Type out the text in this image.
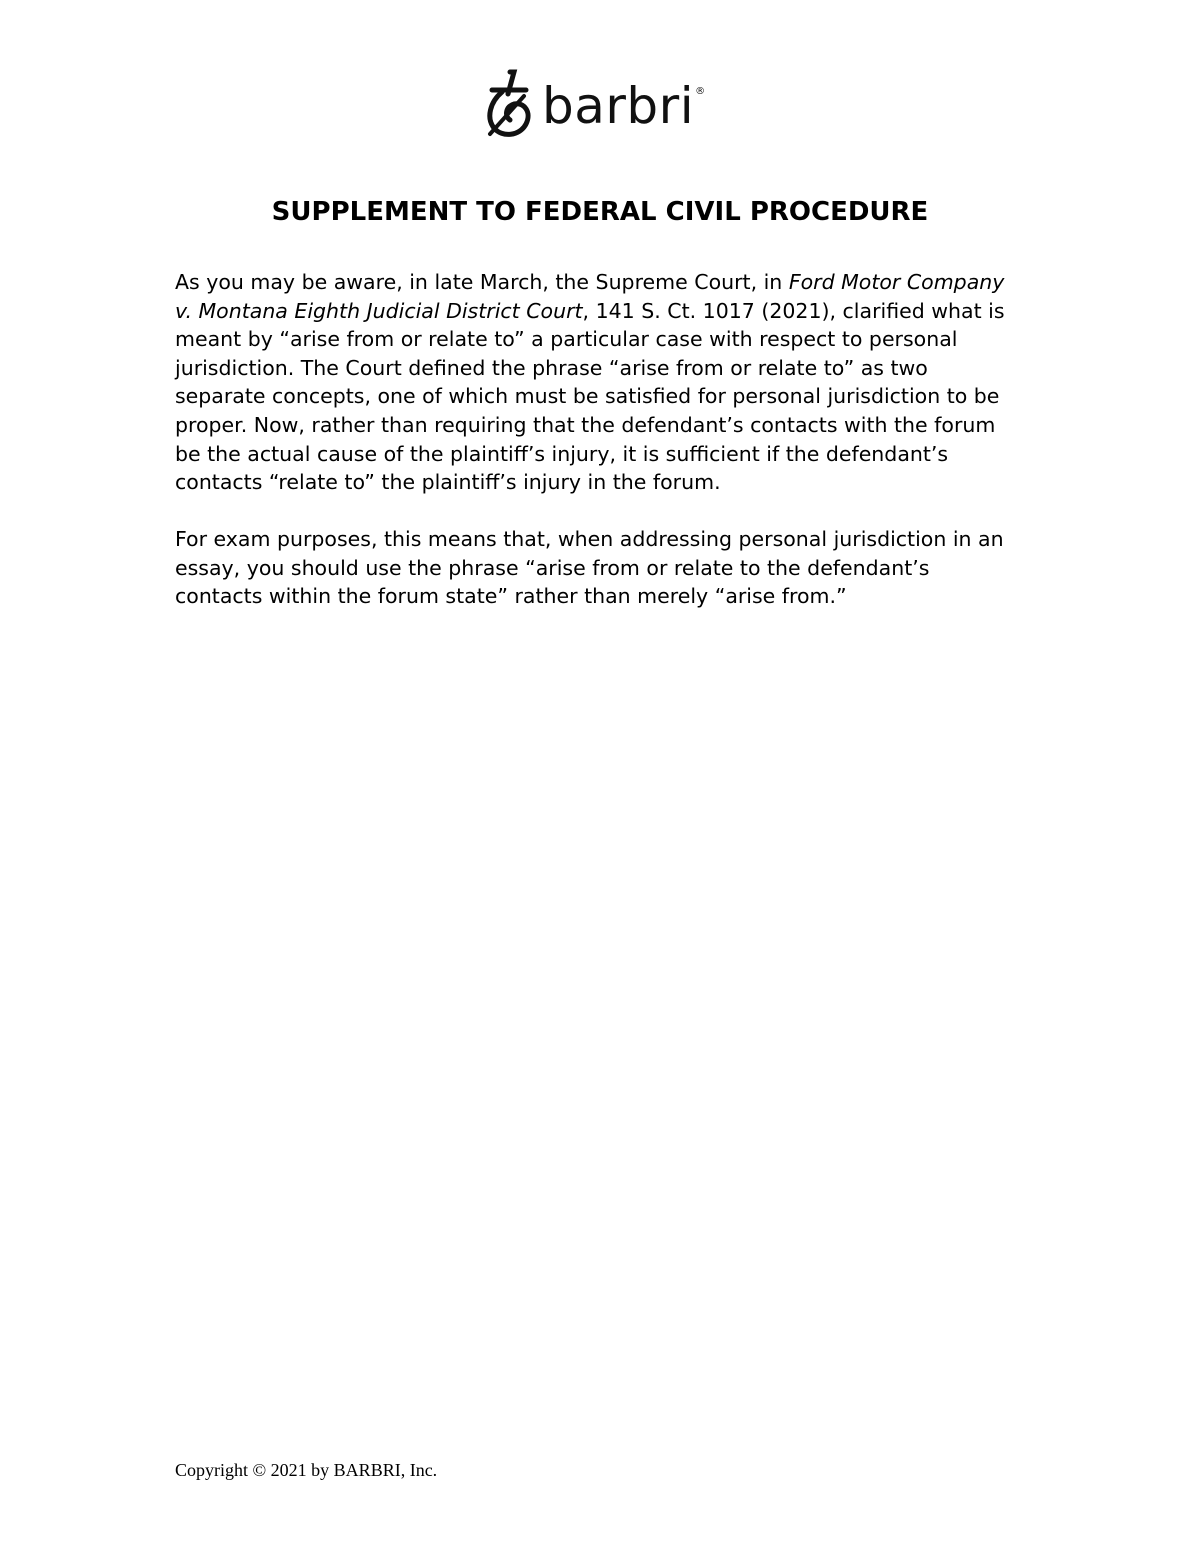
barbri®
SUPPLEMENT TO FEDERAL CIVIL PROCEDURE

As you may be aware, in late March, the Supreme Court, in Ford Motor Company
v. Montana Eighth Judicial District Court, 141 S. Ct. 1017 (2021), clarified what is
meant by “arise from or relate to” a particular case with respect to personal
jurisdiction. The Court defined the phrase “arise from or relate to” as two
separate concepts, one of which must be satisfied for personal jurisdiction to be
proper. Now, rather than requiring that the defendant’s contacts with the forum
be the actual cause of the plaintiff’s injury, it is sufficient if the defendant’s
contacts “relate to” the plaintiff’s injury in the forum.

For exam purposes, this means that, when addressing personal jurisdiction in an
essay, you should use the phrase “arise from or relate to the defendant’s
contacts within the forum state” rather than merely “arise from.”

Copyright © 2021 by BARBRI, Inc.
